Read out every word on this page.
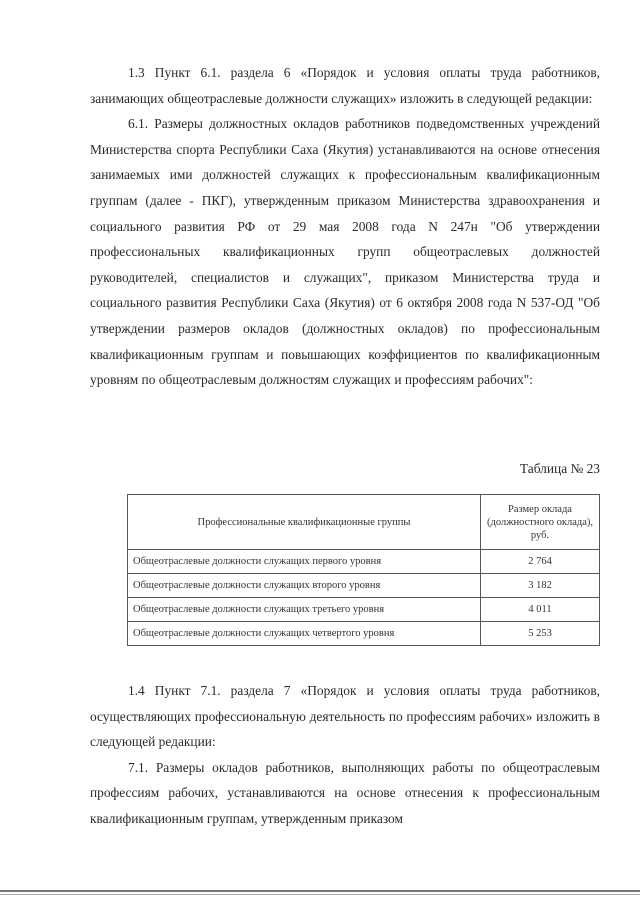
1.3 Пункт 6.1. раздела 6 «Порядок и условия оплаты труда работников, занимающих общеотраслевые должности служащих» изложить в следующей редакции:

6.1. Размеры должностных окладов работников подведомственных учреждений Министерства спорта Республики Саха (Якутия) устанавливаются на основе отнесения занимаемых ими должностей служащих к профессиональным квалификационным группам (далее - ПКГ), утвержденным приказом Министерства здравоохранения и социального развития РФ от 29 мая 2008 года N 247н "Об утверждении профессиональных квалификационных групп общеотраслевых должностей руководителей, специалистов и служащих", приказом Министерства труда и социального развития Республики Саха (Якутия) от 6 октября 2008 года N 537-ОД "Об утверждении размеров окладов (должностных окладов) по профессиональным квалификационным группам и повышающих коэффициентов по квалификационным уровням по общеотраслевым должностям служащих и профессиям рабочих":

Таблица № 23
Профессиональные квалификационные группы	Размер оклада (должностного оклада), руб.
Общеотраслевые должности служащих первого уровня	2 764
Общеотраслевые должности служащих второго уровня	3 182
Общеотраслевые должности служащих третьего уровня	4 011
Общеотраслевые должности служащих четвертого уровня	5 253

1.4 Пункт 7.1. раздела 7 «Порядок и условия оплаты труда работников, осуществляющих профессиональную деятельность по профессиям рабочих» изложить в следующей редакции:

7.1. Размеры окладов работников, выполняющих работы по общеотраслевым профессиям рабочих, устанавливаются на основе отнесения к профессиональным квалификационным группам, утвержденным приказом
